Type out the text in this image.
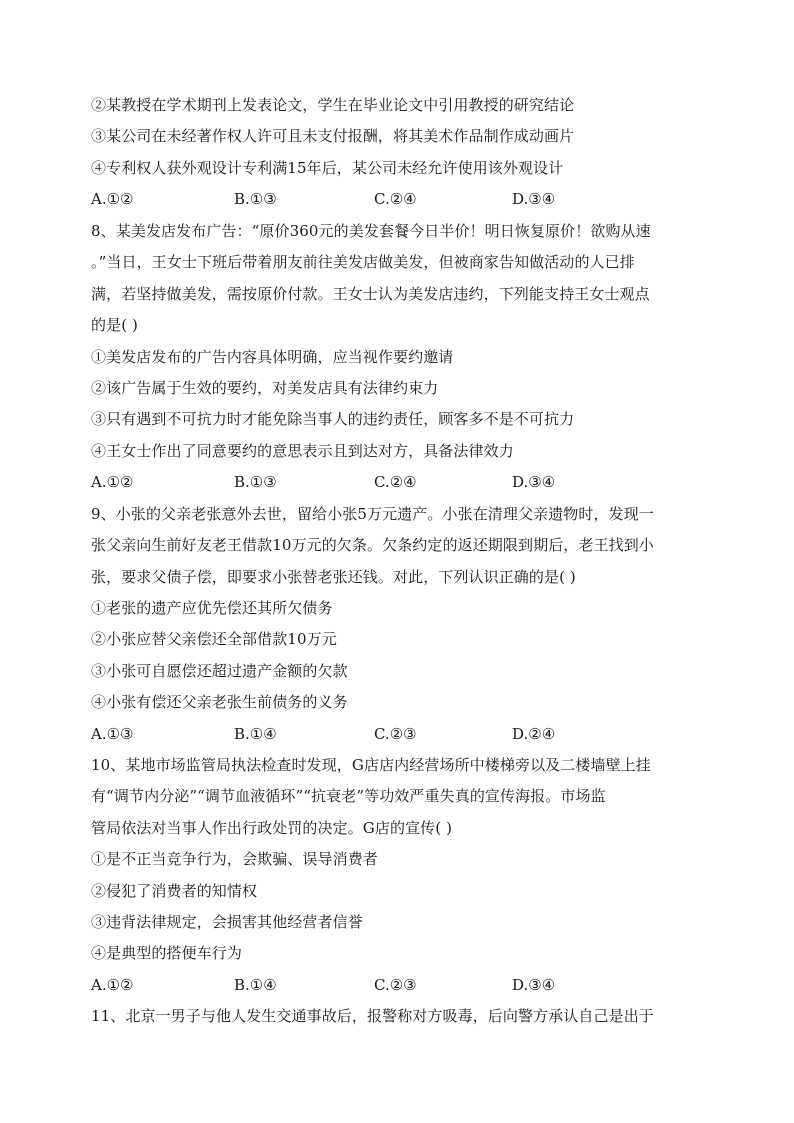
②某教授在学术期刊上发表论文，学生在毕业论文中引用教授的研究结论
③某公司在未经著作权人许可且未支付报酬，将其美术作品制作成动画片
④专利权人获外观设计专利满15年后，某公司未经允许使用该外观设计
A.①②	B.①③	C.②④	D.③④
8、某美发店发布广告：“原价360元的美发套餐今日半价！明日恢复原价！欲购从速
。”当日，王女士下班后带着朋友前往美发店做美发，但被商家告知做活动的人已排
满，若坚持做美发，需按原价付款。王女士认为美发店违约，下列能支持王女士观点
的是( )
①美发店发布的广告内容具体明确，应当视作要约邀请
②该广告属于生效的要约，对美发店具有法律约束力
③只有遇到不可抗力时才能免除当事人的违约责任，顾客多不是不可抗力
④王女士作出了同意要约的意思表示且到达对方，具备法律效力
A.①②	B.①③	C.②④	D.③④
9、小张的父亲老张意外去世，留给小张5万元遗产。小张在清理父亲遗物时，发现一
张父亲向生前好友老王借款10万元的欠条。欠条约定的返还期限到期后，老王找到小
张，要求父债子偿，即要求小张替老张还钱。对此，下列认识正确的是( )
①老张的遗产应优先偿还其所欠债务
②小张应替父亲偿还全部借款10万元
③小张可自愿偿还超过遗产金额的欠款
④小张有偿还父亲老张生前债务的义务
A.①③	B.①④	C.②③	D.②④
10、某地市场监管局执法检查时发现，G店店内经营场所中楼梯旁以及二楼墙壁上挂
有“调节内分泌”“调节血液循环”“抗衰老”等功效严重失真的宣传海报。市场监
管局依法对当事人作出行政处罚的决定。G店的宣传( )
①是不正当竞争行为，会欺骗、误导消费者
②侵犯了消费者的知情权
③违背法律规定，会损害其他经营者信誉
④是典型的搭便车行为
A.①②	B.①④	C.②③	D.③④
11、北京一男子与他人发生交通事故后，报警称对方吸毒，后向警方承认自己是出于
